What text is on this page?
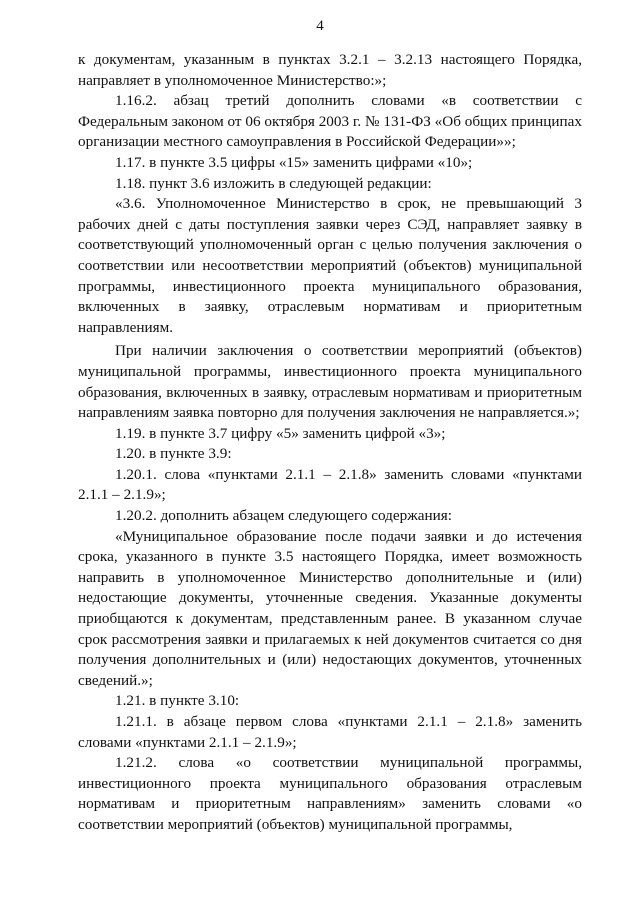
4

к документам, указанным в пунктах 3.2.1 – 3.2.13 настоящего Порядка, направляет в уполномоченное Министерство:»;

1.16.2. абзац третий дополнить словами «в соответствии с Федеральным законом от 06 октября 2003 г. № 131-ФЗ «Об общих принципах организации местного самоуправления в Российской Федерации»»;

1.17. в пункте 3.5 цифры «15» заменить цифрами «10»;

1.18. пункт 3.6 изложить в следующей редакции:

«3.6. Уполномоченное Министерство в срок, не превышающий 3 рабочих дней с даты поступления заявки через СЭД, направляет заявку в соответствующий уполномоченный орган с целью получения заключения о соответствии или несоответствии мероприятий (объектов) муниципальной программы, инвестиционного проекта муниципального образования, включенных в заявку, отраслевым нормативам и приоритетным направлениям.

При наличии заключения о соответствии мероприятий (объектов) муниципальной программы, инвестиционного проекта муниципального образования, включенных в заявку, отраслевым нормативам и приоритетным направлениям заявка повторно для получения заключения не направляется.»;

1.19. в пункте 3.7 цифру «5» заменить цифрой «3»;

1.20. в пункте 3.9:

1.20.1. слова «пунктами 2.1.1 – 2.1.8» заменить словами «пунктами 2.1.1 – 2.1.9»;

1.20.2. дополнить абзацем следующего содержания:

«Муниципальное образование после подачи заявки и до истечения срока, указанного в пункте 3.5 настоящего Порядка, имеет возможность направить в уполномоченное Министерство дополнительные и (или) недостающие документы, уточненные сведения. Указанные документы приобщаются к документам, представленным ранее. В указанном случае срок рассмотрения заявки и прилагаемых к ней документов считается со дня получения дополнительных и (или) недостающих документов, уточненных сведений.»;

1.21. в пункте 3.10:

1.21.1. в абзаце первом слова «пунктами 2.1.1 – 2.1.8» заменить словами «пунктами 2.1.1 – 2.1.9»;

1.21.2. слова «о соответствии муниципальной программы, инвестиционного проекта муниципального образования отраслевым нормативам и приоритетным направлениям» заменить словами «о соответствии мероприятий (объектов) муниципальной программы,
